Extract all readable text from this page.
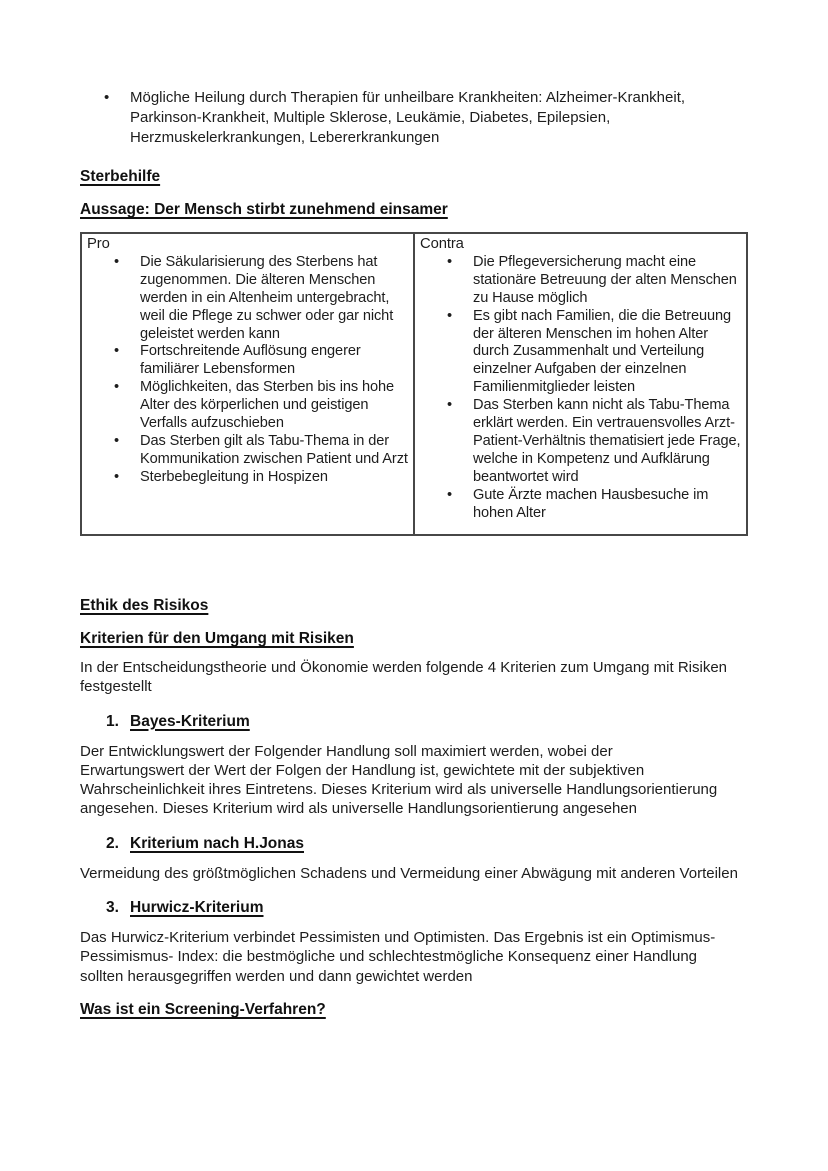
• Mögliche Heilung durch Therapien für unheilbare Krankheiten: Alzheimer-Krankheit, Parkinson-Krankheit, Multiple Sklerose, Leukämie, Diabetes, Epilepsien, Herzmuskelerkrankungen, Lebererkrankungen
Sterbehilfe
Aussage: Der Mensch stirbt zunehmend einsamer
Pro
• Die Säkularisierung des Sterbens hat zugenommen. Die älteren Menschen werden in ein Altenheim untergebracht, weil die Pflege zu schwer oder gar nicht geleistet werden kann
• Fortschreitende Auflösung engerer familiärer Lebensformen
• Möglichkeiten, das Sterben bis ins hohe Alter des körperlichen und geistigen Verfalls aufzuschieben
• Das Sterben gilt als Tabu-Thema in der Kommunikation zwischen Patient und Arzt
• Sterbebegleitung in Hospizen
Contra
• Die Pflegeversicherung macht eine stationäre Betreuung der alten Menschen zu Hause möglich
• Es gibt nach Familien, die die Betreuung der älteren Menschen im hohen Alter durch Zusammenhalt und Verteilung einzelner Aufgaben der einzelnen Familienmitglieder leisten
• Das Sterben kann nicht als Tabu-Thema erklärt werden. Ein vertrauensvolles Arzt-Patient-Verhältnis thematisiert jede Frage, welche in Kompetenz und Aufklärung beantwortet wird
• Gute Ärzte machen Hausbesuche im hohen Alter
Ethik des Risikos
Kriterien für den Umgang mit Risiken

In der Entscheidungstheorie und Ökonomie werden folgende 4 Kriterien zum Umgang mit Risiken festgestellt

1. Bayes-Kriterium

Der Entwicklungswert der Folgender Handlung soll maximiert werden, wobei der Erwartungswert der Wert der Folgen der Handlung ist, gewichtete mit der subjektiven Wahrscheinlichkeit ihres Eintretens. Dieses Kriterium wird als universelle Handlungsorientierung angesehen. Dieses Kriterium wird als universelle Handlungsorientierung angesehen

2. Kriterium nach H.Jonas

Vermeidung des größtmöglichen Schadens und Vermeidung einer Abwägung mit anderen Vorteilen

3. Hurwicz-Kriterium

Das Hurwicz-Kriterium verbindet Pessimisten und Optimisten. Das Ergebnis ist ein Optimismus-Pessimismus- Index: die bestmögliche und schlechtestmögliche Konsequenz einer Handlung sollten herausgegriffen werden und dann gewichtet werden

Was ist ein Screening-Verfahren?
